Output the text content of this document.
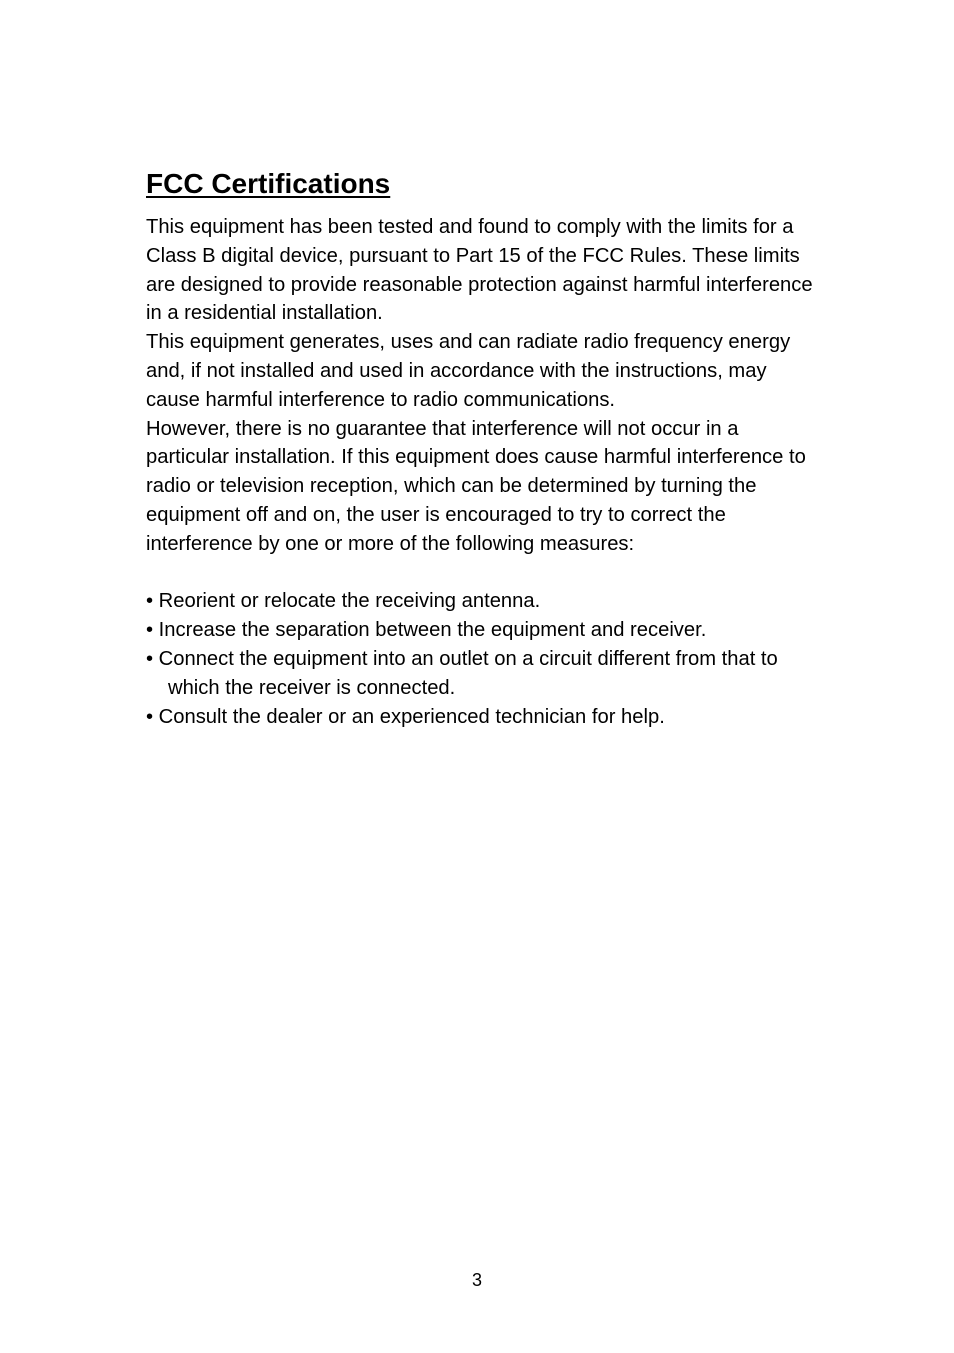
FCC Certifications

This equipment has been tested and found to comply with the limits for a
Class B digital device, pursuant to Part 15 of the FCC Rules. These limits
are designed to provide reasonable protection against harmful interference
in a residential installation.

This equipment generates, uses and can radiate radio frequency energy
and, if not installed and used in accordance with the instructions, may
cause harmful interference to radio communications.

However, there is no guarantee that interference will not occur in a
particular installation. If this equipment does cause harmful interference to
radio or television reception, which can be determined by turning the
equipment off and on, the user is encouraged to try to correct the
interference by one or more of the following measures:

• Reorient or relocate the receiving antenna.
• Increase the separation between the equipment and receiver.
• Connect the equipment into an outlet on a circuit different from that to
which the receiver is connected.
• Consult the dealer or an experienced technician for help.
3
